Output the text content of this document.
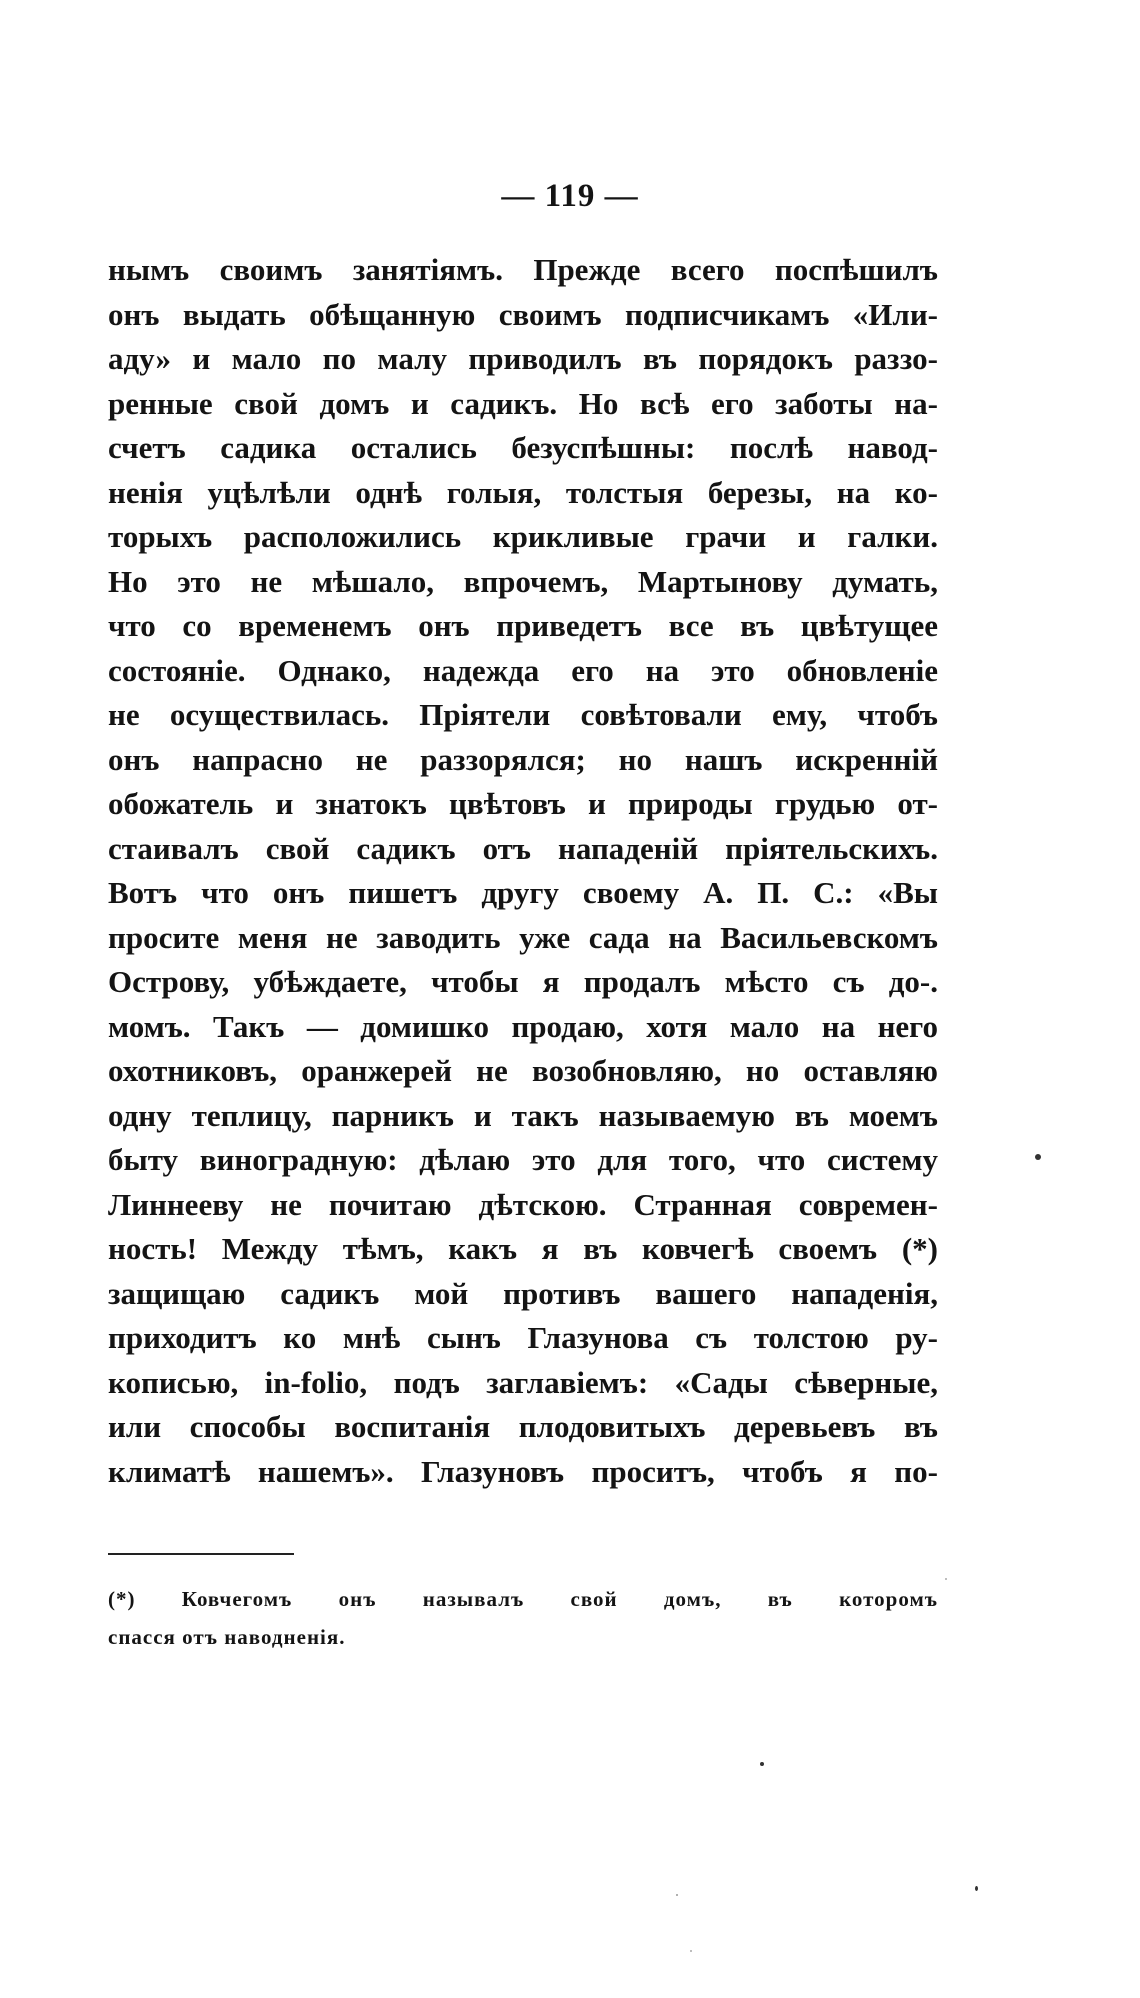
— 119 —
нымъ своимъ занятіямъ. Прежде всего поспѣшилъ
онъ выдать обѣщанную своимъ подписчикамъ «Или-
аду» и мало по малу приводилъ въ порядокъ раззо-
ренные свой домъ и садикъ. Но всѣ его заботы на-
счетъ садика остались безуспѣшны: послѣ навод-
ненія уцѣлѣли однѣ голыя, толстыя березы, на ко-
торыхъ расположились крикливые грачи и галки.
Но это не мѣшало, впрочемъ, Мартынову думать,
что со временемъ онъ приведетъ все въ цвѣтущее
состояніе. Однако, надежда его на это обновленіе
не осуществилась. Пріятели совѣтовали ему, чтобъ
онъ напрасно не раззорялся; но нашъ искренній
обожатель и знатокъ цвѣтовъ и природы грудью от-
стаивалъ свой садикъ отъ нападеній пріятельскихъ.
Вотъ что онъ пишетъ другу своему А. П. С.: «Вы
просите меня не заводить уже сада на Васильевскомъ
Острову, убѣждаете, чтобы я продалъ мѣсто съ до-.
момъ. Такъ — домишко продаю, хотя мало на него
охотниковъ, оранжерей не возобновляю, но оставляю
одну теплицу, парникъ и такъ называемую въ моемъ
быту виноградную: дѣлаю это для того, что систему
Линнееву не почитаю дѣтскою. Странная современ-
ность! Между тѣмъ, какъ я въ ковчегѣ своемъ (*)
защищаю садикъ мой противъ вашего нападенія,
приходитъ ко мнѣ сынъ Глазунова съ толстою ру-
кописью, in-folio, подъ заглавіемъ: «Сады сѣверные,
или способы воспитанія плодовитыхъ деревьевъ въ
климатѣ нашемъ». Глазуновъ проситъ, чтобъ я по-
(*) Ковчегомъ онъ называлъ свой домъ, въ которомъ
спасся отъ наводненія.
